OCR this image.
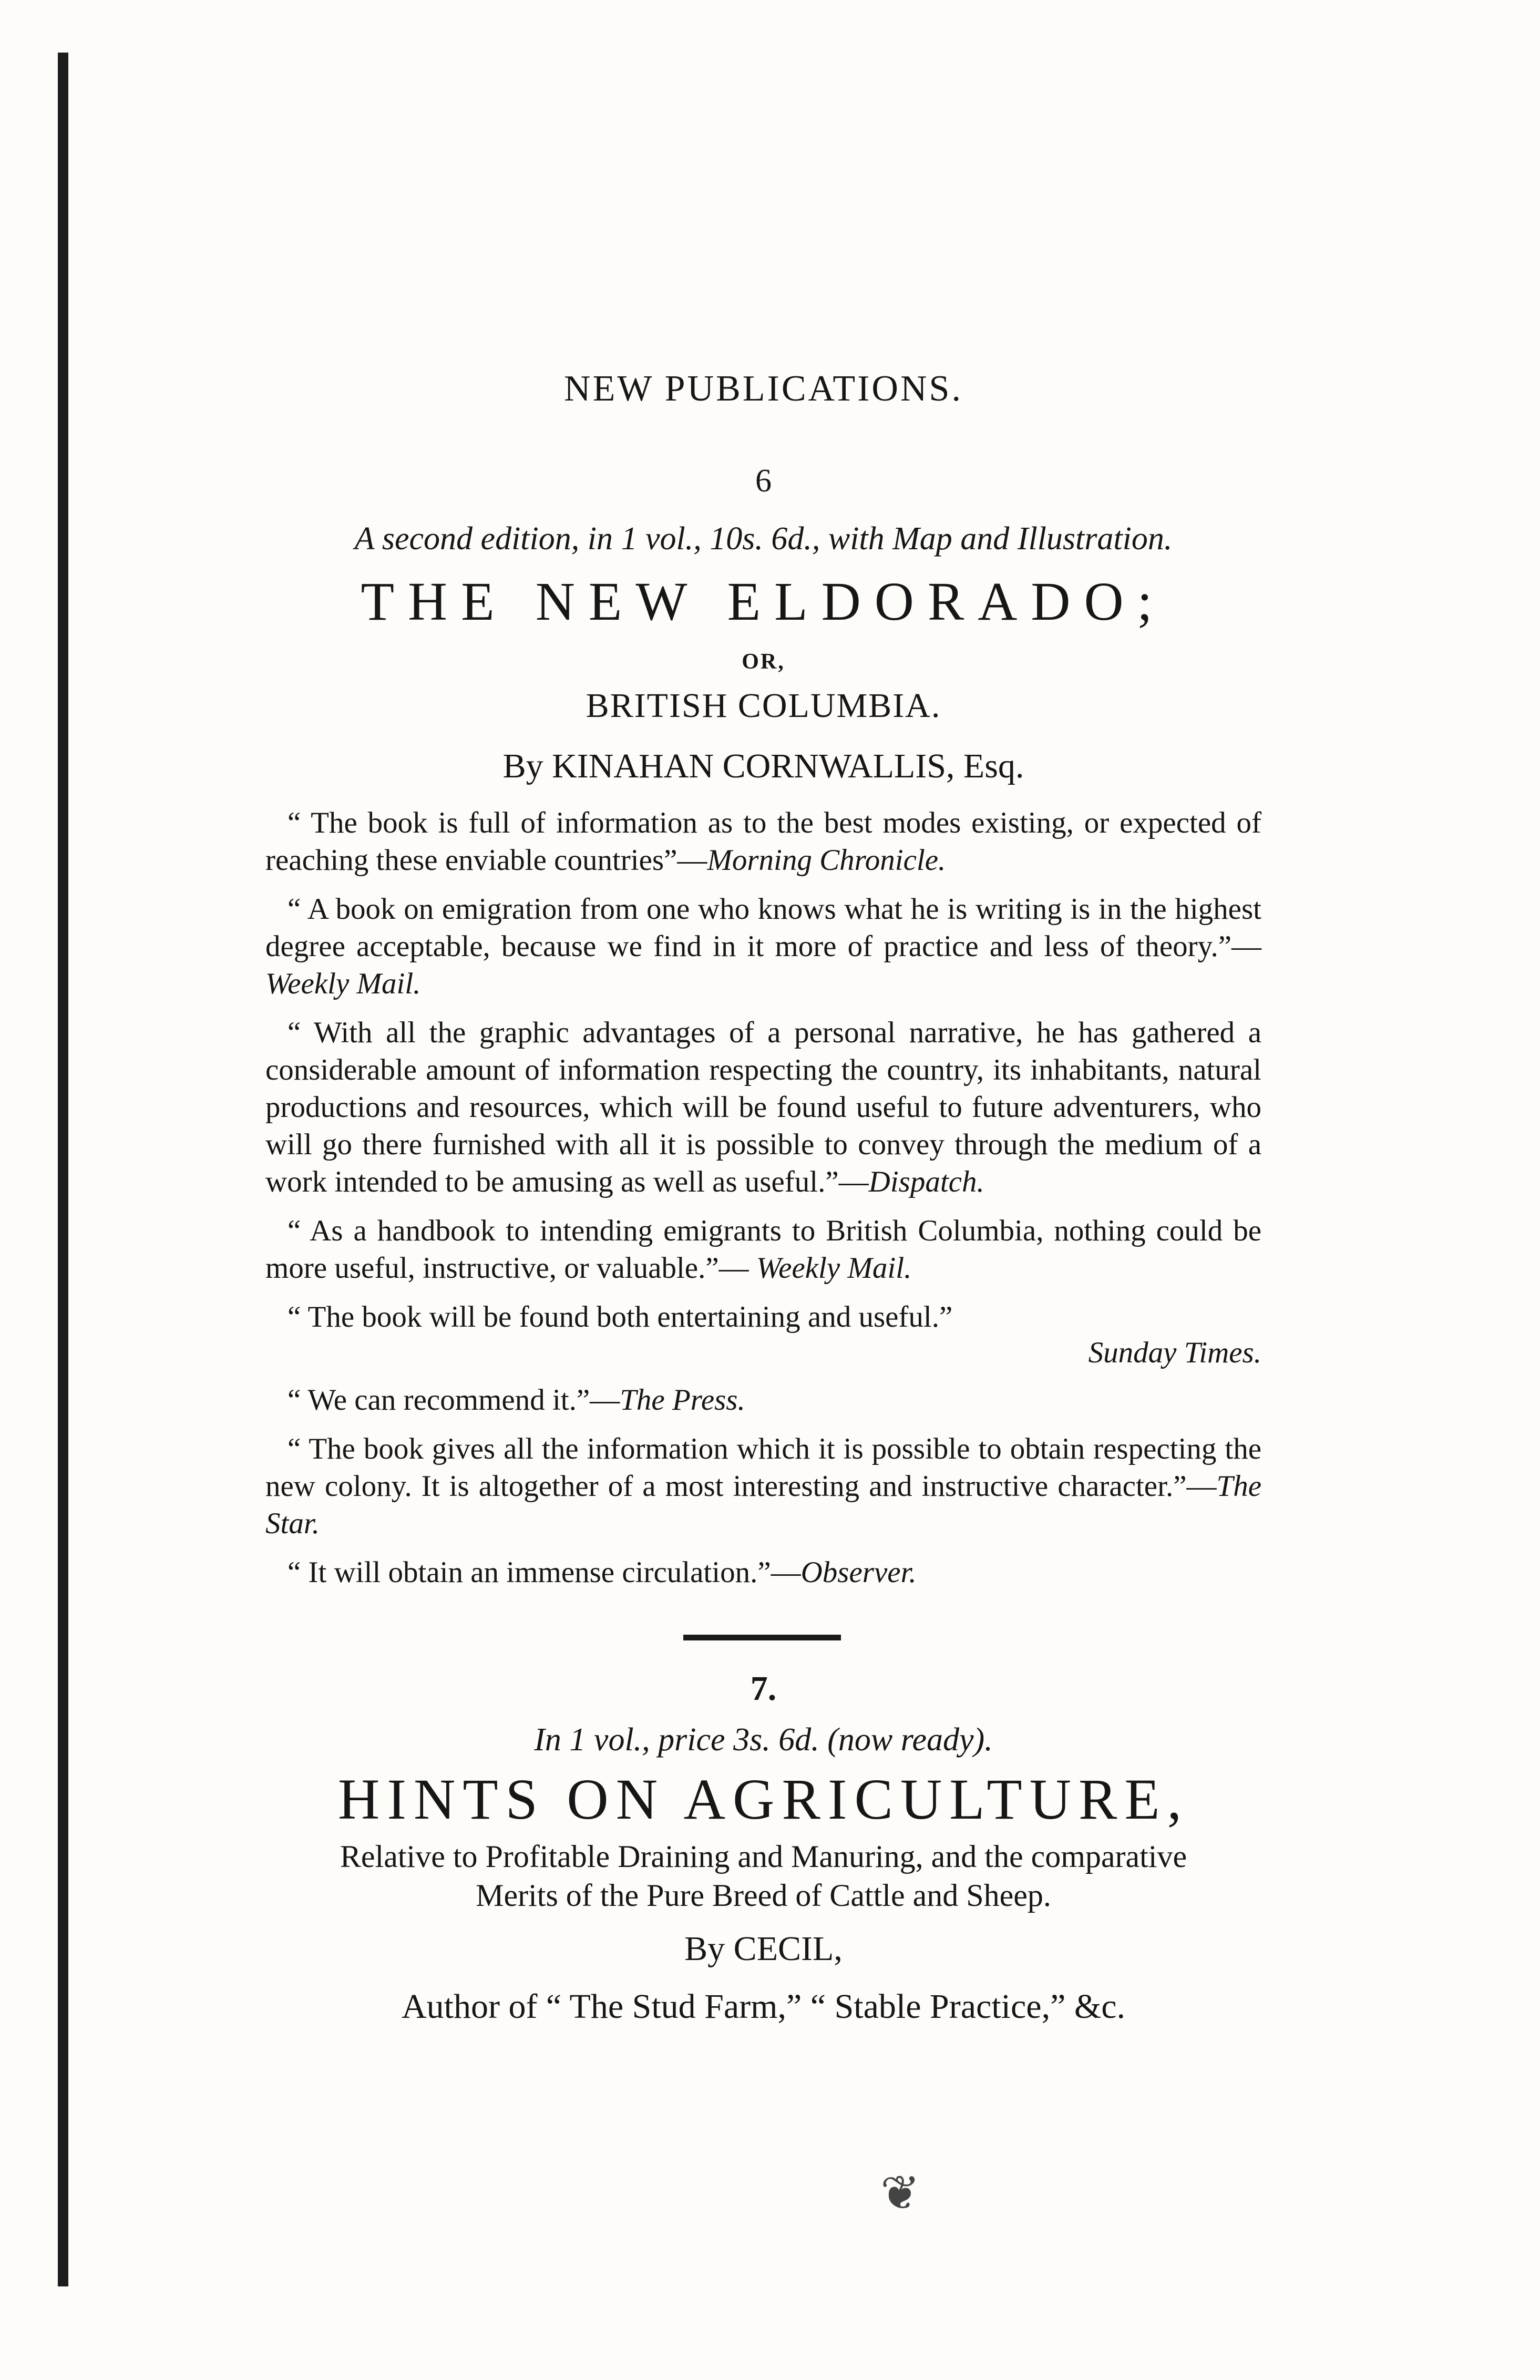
NEW PUBLICATIONS.
6
A second edition, in 1 vol., 10s. 6d., with Map and Illustration.
THE NEW ELDORADO;
OR,
BRITISH COLUMBIA.
By KINAHAN CORNWALLIS, Esq.

“ The book is full of information as to the best modes existing, or expected of reaching these enviable countries”—Morning Chronicle.

“ A book on emigration from one who knows what he is writing is in the highest degree acceptable, because we find in it more of practice and less of theory.”—Weekly Mail.

“ With all the graphic advantages of a personal narrative, he has gathered a considerable amount of information respecting the country, its inhabitants, natural productions and resources, which will be found useful to future adventurers, who will go there furnished with all it is possible to convey through the medium of a work intended to be amusing as well as useful.”—Dispatch.

“ As a handbook to intending emigrants to British Columbia, nothing could be more useful, instructive, or valuable.”— Weekly Mail.

“ The book will be found both entertaining and useful.”

Sunday Times.

“ We can recommend it.”—The Press.

“ The book gives all the information which it is possible to obtain respecting the new colony. It is altogether of a most interesting and instructive character.”—The Star.

“ It will obtain an immense circulation.”—Observer.

7.
In 1 vol., price 3s. 6d. (now ready).
HINTS ON AGRICULTURE,
Relative to Profitable Draining and Manuring, and the comparative
Merits of the Pure Breed of Cattle and Sheep.
By CECIL,
Author of “ The Stud Farm,” “ Stable Practice,” &c.
❦
